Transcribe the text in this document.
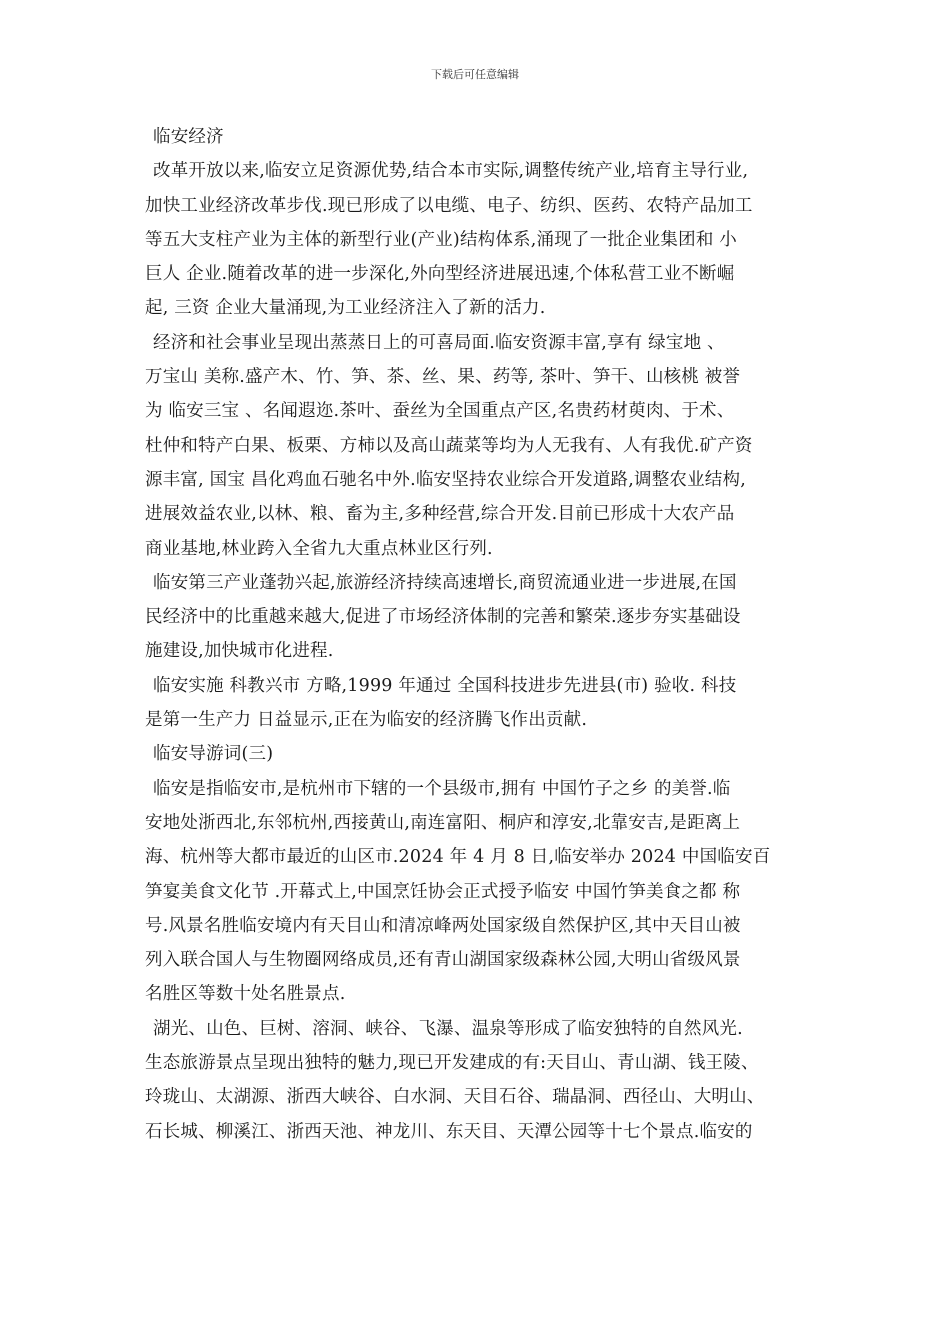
下载后可任意编辑
临安经济
改革开放以来,临安立足资源优势,结合本市实际,调整传统产业,培育主导行业,
加快工业经济改革步伐.现已形成了以电缆、电子、纺织、医药、农特产品加工
等五大支柱产业为主体的新型行业(产业)结构体系,涌现了一批企业集团和 小
巨人 企业.随着改革的进一步深化,外向型经济进展迅速,个体私营工业不断崛
起, 三资 企业大量涌现,为工业经济注入了新的活力.
经济和社会事业呈现出蒸蒸日上的可喜局面.临安资源丰富,享有 绿宝地 、
万宝山 美称.盛产木、竹、笋、茶、丝、果、药等, 茶叶、笋干、山核桃 被誉
为 临安三宝 、名闻遐迩.茶叶、蚕丝为全国重点产区,名贵药材萸肉、于术、
杜仲和特产白果、板栗、方柿以及高山蔬菜等均为人无我有、人有我优.矿产资
源丰富, 国宝 昌化鸡血石驰名中外.临安坚持农业综合开发道路,调整农业结构,
进展效益农业,以林、粮、畜为主,多种经营,综合开发.目前已形成十大农产品
商业基地,林业跨入全省九大重点林业区行列.
临安第三产业蓬勃兴起,旅游经济持续高速增长,商贸流通业进一步进展,在国
民经济中的比重越来越大,促进了市场经济体制的完善和繁荣.逐步夯实基础设
施建设,加快城市化进程.
临安实施 科教兴市 方略,1999 年通过 全国科技进步先进县(市) 验收. 科技
是第一生产力 日益显示,正在为临安的经济腾飞作出贡献.
临安导游词(三)
临安是指临安市,是杭州市下辖的一个县级市,拥有 中国竹子之乡 的美誉.临
安地处浙西北,东邻杭州,西接黄山,南连富阳、桐庐和淳安,北靠安吉,是距离上
海、杭州等大都市最近的山区市.2024 年 4 月 8 日,临安举办 2024 中国临安百
笋宴美食文化节 .开幕式上,中国烹饪协会正式授予临安 中国竹笋美食之都 称
号.风景名胜临安境内有天目山和清凉峰两处国家级自然保护区,其中天目山被
列入联合国人与生物圈网络成员,还有青山湖国家级森林公园,大明山省级风景
名胜区等数十处名胜景点.
湖光、山色、巨树、溶洞、峡谷、飞瀑、温泉等形成了临安独特的自然风光.
生态旅游景点呈现出独特的魅力,现已开发建成的有:天目山、青山湖、钱王陵、
玲珑山、太湖源、浙西大峡谷、白水洞、天目石谷、瑞晶洞、西径山、大明山、
石长城、柳溪江、浙西天池、神龙川、东天目、天潭公园等十七个景点.临安的
